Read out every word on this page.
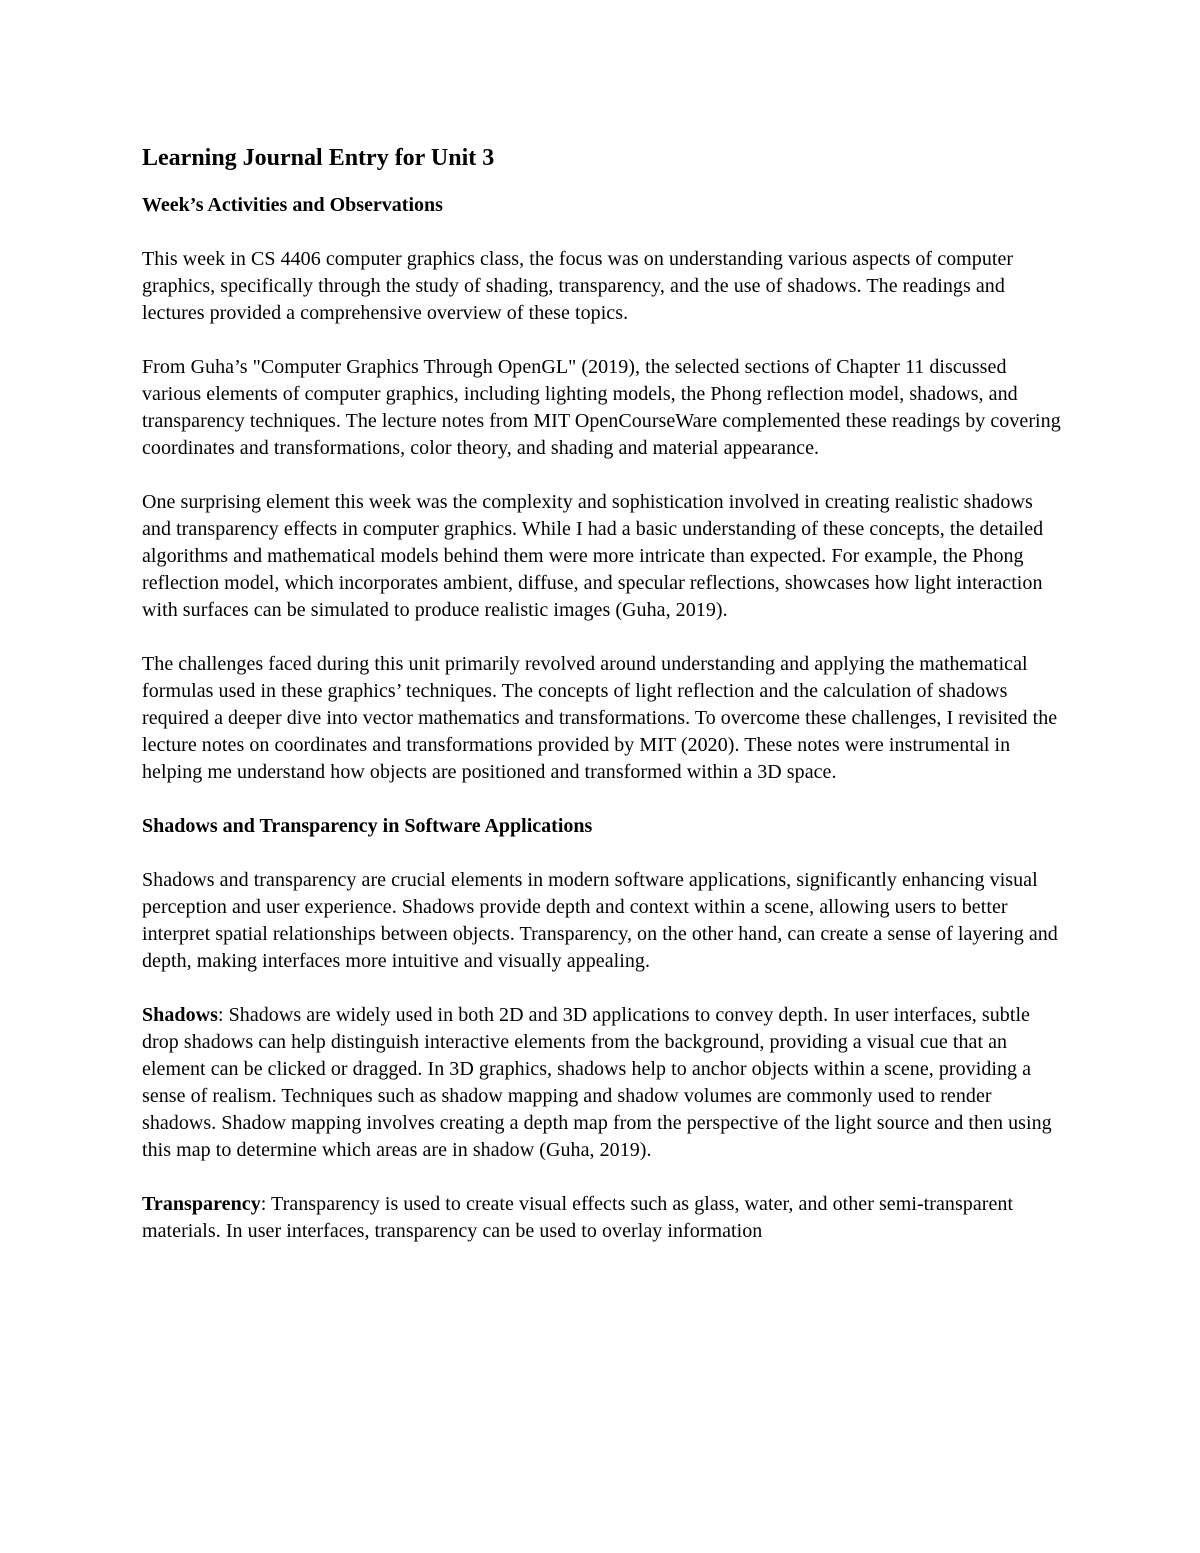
Learning Journal Entry for Unit 3
Week’s Activities and Observations

This week in CS 4406 computer graphics class, the focus was on understanding various aspects of computer graphics, specifically through the study of shading, transparency, and the use of shadows. The readings and lectures provided a comprehensive overview of these topics.

From Guha’s "Computer Graphics Through OpenGL" (2019), the selected sections of Chapter 11 discussed various elements of computer graphics, including lighting models, the Phong reflection model, shadows, and transparency techniques. The lecture notes from MIT OpenCourseWare complemented these readings by covering coordinates and transformations, color theory, and shading and material appearance.

One surprising element this week was the complexity and sophistication involved in creating realistic shadows and transparency effects in computer graphics. While I had a basic understanding of these concepts, the detailed algorithms and mathematical models behind them were more intricate than expected. For example, the Phong reflection model, which incorporates ambient, diffuse, and specular reflections, showcases how light interaction with surfaces can be simulated to produce realistic images (Guha, 2019).

The challenges faced during this unit primarily revolved around understanding and applying the mathematical formulas used in these graphics’ techniques. The concepts of light reflection and the calculation of shadows required a deeper dive into vector mathematics and transformations. To overcome these challenges, I revisited the lecture notes on coordinates and transformations provided by MIT (2020). These notes were instrumental in helping me understand how objects are positioned and transformed within a 3D space.

Shadows and Transparency in Software Applications

Shadows and transparency are crucial elements in modern software applications, significantly enhancing visual perception and user experience. Shadows provide depth and context within a scene, allowing users to better interpret spatial relationships between objects. Transparency, on the other hand, can create a sense of layering and depth, making interfaces more intuitive and visually appealing.

Shadows: Shadows are widely used in both 2D and 3D applications to convey depth. In user interfaces, subtle drop shadows can help distinguish interactive elements from the background, providing a visual cue that an element can be clicked or dragged. In 3D graphics, shadows help to anchor objects within a scene, providing a sense of realism. Techniques such as shadow mapping and shadow volumes are commonly used to render shadows. Shadow mapping involves creating a depth map from the perspective of the light source and then using this map to determine which areas are in shadow (Guha, 2019).

Transparency: Transparency is used to create visual effects such as glass, water, and other semi-transparent materials. In user interfaces, transparency can be used to overlay information
